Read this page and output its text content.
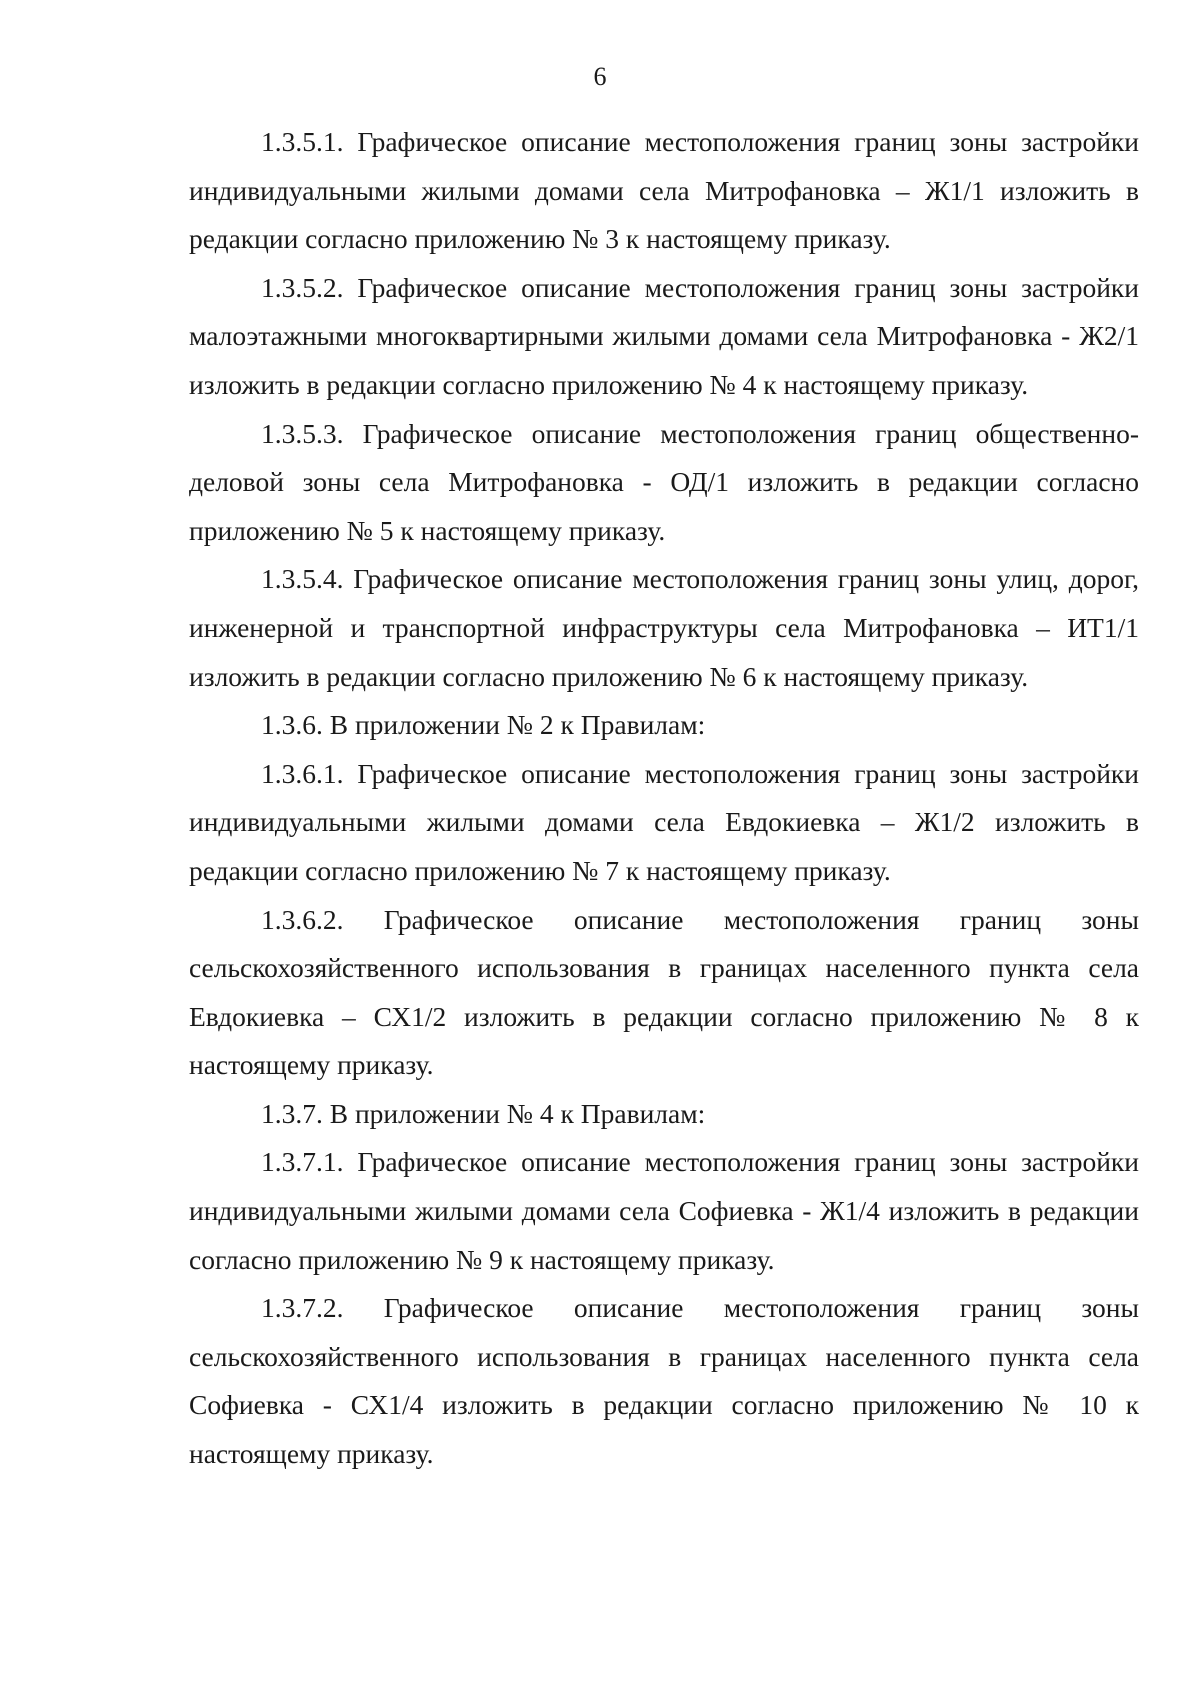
6

1.3.5.1. Графическое описание местоположения границ зоны застройки индивидуальными жилыми домами села Митрофановка – Ж1/1 изложить в редакции согласно приложению № 3 к настоящему приказу.

1.3.5.2. Графическое описание местоположения границ зоны застройки малоэтажными многоквартирными жилыми домами села Митрофановка - Ж2/1 изложить в редакции согласно приложению № 4 к настоящему приказу.

1.3.5.3. Графическое описание местоположения границ общественно-деловой зоны села Митрофановка - ОД/1 изложить в редакции согласно приложению № 5 к настоящему приказу.

1.3.5.4. Графическое описание местоположения границ зоны улиц, дорог, инженерной и транспортной инфраструктуры села Митрофановка – ИТ1/1 изложить в редакции согласно приложению № 6 к настоящему приказу.

1.3.6. В приложении № 2 к Правилам:

1.3.6.1. Графическое описание местоположения границ зоны застройки индивидуальными жилыми домами села Евдокиевка – Ж1/2 изложить в редакции согласно приложению № 7 к настоящему приказу.

1.3.6.2. Графическое описание местоположения границ зоны сельскохозяйственного использования в границах населенного пункта села Евдокиевка – СХ1/2 изложить в редакции согласно приложению № 8 к настоящему приказу.

1.3.7. В приложении № 4 к Правилам:

1.3.7.1. Графическое описание местоположения границ зоны застройки индивидуальными жилыми домами села Софиевка - Ж1/4 изложить в редакции согласно приложению № 9 к настоящему приказу.

1.3.7.2. Графическое описание местоположения границ зоны сельскохозяйственного использования в границах населенного пункта села Софиевка - СХ1/4 изложить в редакции согласно приложению № 10 к настоящему приказу.
